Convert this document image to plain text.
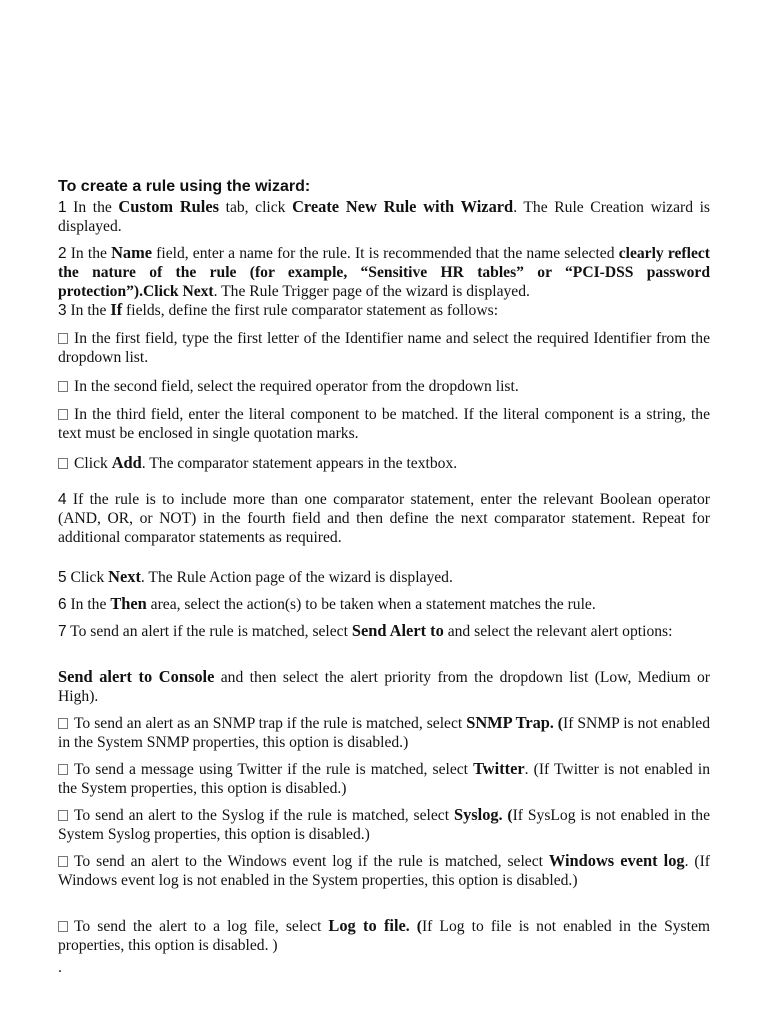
To create a rule using the wizard:
1 In the Custom Rules tab, click Create New Rule with Wizard. The Rule Creation wizard is displayed.
2 In the Name field, enter a name for the rule. It is recommended that the name selected clearly reflect the nature of the rule (for example, “Sensitive HR tables” or “PCI-DSS password protection”).Click Next. The Rule Trigger page of the wizard is displayed.
3 In the If fields, define the first rule comparator statement as follows:
In the first field, type the first letter of the Identifier name and select the required Identifier from the dropdown list.
In the second field, select the required operator from the dropdown list.
In the third field, enter the literal component to be matched. If the literal component is a string, the text must be enclosed in single quotation marks.
Click Add. The comparator statement appears in the textbox.
4 If the rule is to include more than one comparator statement, enter the relevant Boolean operator (AND, OR, or NOT) in the fourth field and then define the next comparator statement. Repeat for additional comparator statements as required.
5 Click Next. The Rule Action page of the wizard is displayed.
6 In the Then area, select the action(s) to be taken when a statement matches the rule.
7 To send an alert if the rule is matched, select Send Alert to and select the relevant alert options:
Send alert to Console and then select the alert priority from the dropdown list (Low, Medium or High).
To send an alert as an SNMP trap if the rule is matched, select SNMP Trap. (If SNMP is not enabled in the System SNMP properties, this option is disabled.)
To send a message using Twitter if the rule is matched, select Twitter. (If Twitter is not enabled in the System properties, this option is disabled.)
To send an alert to the Syslog if the rule is matched, select Syslog. (If SysLog is not enabled in the System Syslog properties, this option is disabled.)
To send an alert to the Windows event log if the rule is matched, select Windows event log. (If Windows event log is not enabled in the System properties, this option is disabled.)
To send the alert to a log file, select Log to file. (If Log to file is not enabled in the System properties, this option is disabled. )
.
